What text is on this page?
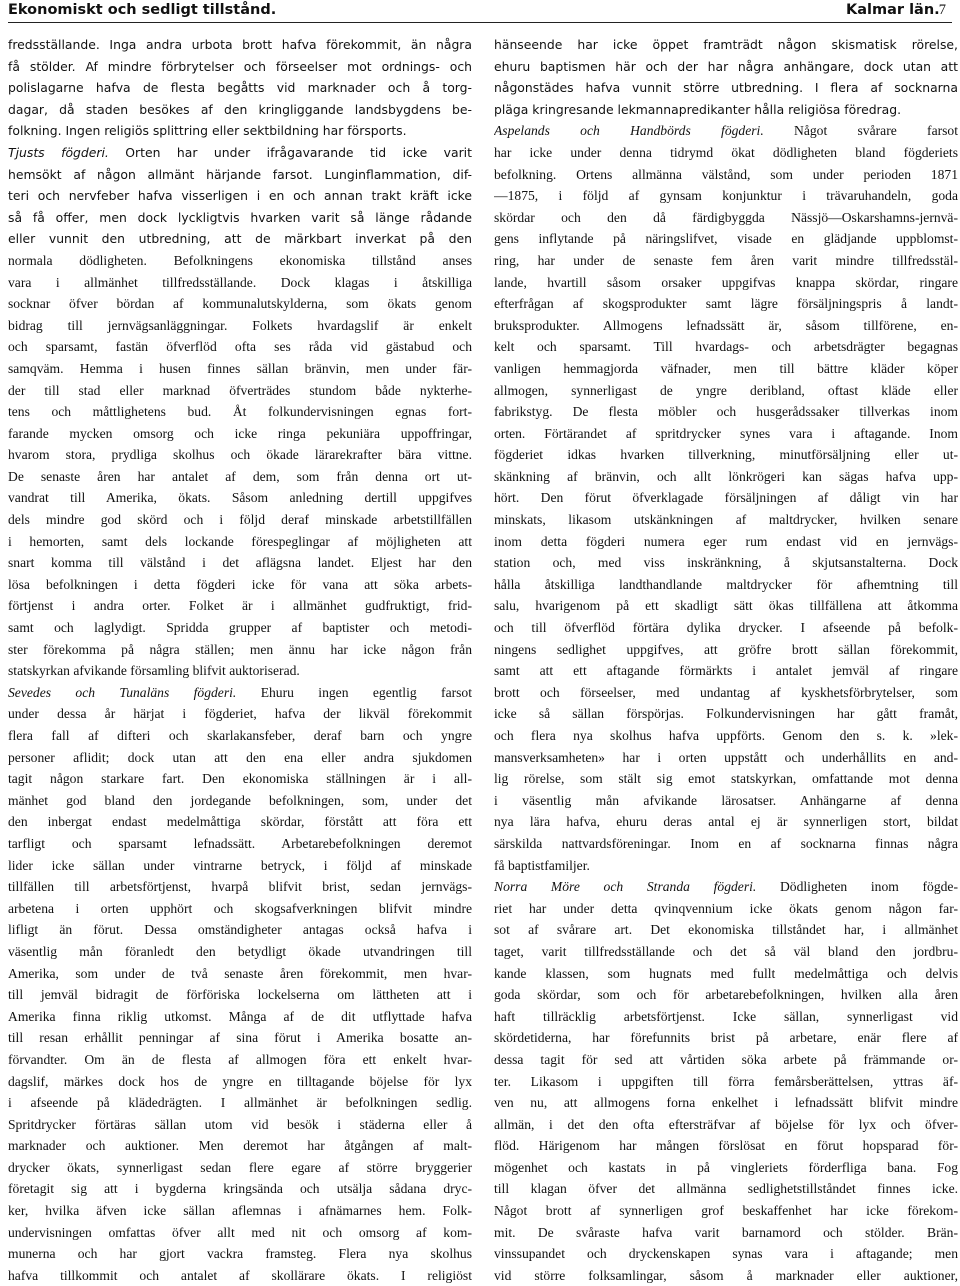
Ekonomiskt och sedligt tillstånd.	Kalmar län. 7
fredsställande. Inga andra urbota brott hafva förekommit, än några
få stölder. Af mindre förbrytelser och förseelser mot ordnings- och
polislagarne hafva de flesta begåtts vid marknader och å torg-
dagar, då staden besökes af den kringliggande landsbygdens be-
folkning. Ingen religiös splittring eller sektbildning har försports.
Tjusts fögderi. Orten har under ifrågavarande tid icke varit
hemsökt af någon allmänt härjande farsot. Lunginflammation, dif-
teri och nervfeber hafva visserligen i en och annan trakt kräft icke
så få offer, men dock lyckligtvis hvarken varit så länge rådande
eller vunnit den utbredning, att de märkbart inverkat på den
normala dödligheten. Befolkningens ekonomiska tillstånd anses
vara i allmänhet tillfredsställande. Dock klagas i åtskilliga
socknar öfver bördan af kommunalutskylderna, som ökats genom
bidrag till jernvägsanläggningar. Folkets hvardagslif är enkelt
och sparsamt, fastän öfverflöd ofta ses råda vid gästabud och
samqväm. Hemma i husen finnes sällan bränvin, men under fär-
der till stad eller marknad öfverträdes stundom både nykterhe-
tens och måttlighetens bud. Åt folkundervisningen egnas fort-
farande mycken omsorg och icke ringa pekuniära uppoffringar,
hvarom stora, prydliga skolhus och ökade lärarekrafter bära vittne.
De senaste åren har antalet af dem, som från denna ort ut-
vandrat till Amerika, ökats. Såsom anledning dertill uppgifves
dels mindre god skörd och i följd deraf minskade arbetstillfällen
i hemorten, samt dels lockande förespeglingar af möjligheten att
snart komma till välstånd i det aflägsna landet. Eljest har den
lösa befolkningen i detta fögderi icke för vana att söka arbets-
förtjenst i andra orter. Folket är i allmänhet gudfruktigt, frid-
samt och laglydigt. Spridda grupper af baptister och metodi-
ster förekomma på några ställen; men ännu har icke någon från
statskyrkan afvikande församling blifvit auktoriserad.
Sevedes och Tunaläns fögderi. Ehuru ingen egentlig farsot
under dessa år härjat i fögderiet, hafva der likväl förekommit
flera fall af difteri och skarlakansfeber, deraf barn och yngre
personer aflidit; dock utan att den ena eller andra sjukdomen
tagit någon starkare fart. Den ekonomiska ställningen är i all-
mänhet god bland den jordegande befolkningen, som, under det
den inbergat endast medelmåttiga skördar, förstått att föra ett
tarfligt och sparsamt lefnadssätt. Arbetarebefolkningen deremot
lider icke sällan under vintrarne betryck, i följd af minskade
tillfällen till arbetsförtjenst, hvarpå blifvit brist, sedan jernvägs-
arbetena i orten upphört och skogsafverkningen blifvit mindre
lifligt än förut. Dessa omständigheter antagas också hafva i
väsentlig mån föranledt den betydligt ökade utvandringen till
Amerika, som under de två senaste åren förekommit, men hvar-
till jemväl bidragit de förföriska lockelserna om lättheten att i
Amerika finna riklig utkomst. Många af de dit utflyttade hafva
till resan erhållit penningar af sina förut i Amerika bosatte an-
förvandter. Om än de flesta af allmogen föra ett enkelt hvar-
dagslif, märkes dock hos de yngre en tilltagande böjelse för lyx
i afseende på klädedrägten. I allmänhet är befolkningen sedlig.
Spritdrycker förtäras sällan utom vid besök i städerna eller å
marknader och auktioner. Men deremot har åtgången af malt-
drycker ökats, synnerligast sedan flere egare af större bryggerier
företagit sig att i bygderna kringsända och utsälja sådana dryc-
ker, hvilka äfven icke sällan aflemnas i afnämarnes hem. Folk-
undervisningen omfattas öfver allt med nit och omsorg af kom-
munerna och har gjort vackra framsteg. Flera nya skolhus
hafva tillkommit och antalet af skollärare ökats. I religiöst
hänseende har icke öppet framträdt någon skismatisk rörelse,
ehuru baptismen här och der har några anhängare, dock utan att
någonstädes hafva vunnit större utbredning. I flera af socknarna
pläga kringresande lekmannapredikanter hålla religiösa föredrag.
Aspelands och Handbörds fögderi. Något svårare farsot
har icke under denna tidrymd ökat dödligheten bland fögderiets
befolkning. Ortens allmänna välstånd, som under perioden 1871
—1875, i följd af gynsam konjunktur i trävaruhandeln, goda
skördar och den då färdigbyggda Nässjö—Oskarshamns-jernvä-
gens inflytande på näringslifvet, visade en glädjande uppblomst-
ring, har under de senaste fem åren varit mindre tillfredsstäl-
lande, hvartill såsom orsaker uppgifvas knappa skördar, ringare
efterfrågan af skogsprodukter samt lägre försäljningspris å landt-
bruksprodukter. Allmogens lefnadssätt är, såsom tillförene, en-
kelt och sparsamt. Till hvardags- och arbetsdrägter begagnas
vanligen hemmagjorda väfnader, men till bättre kläder köper
allmogen, synnerligast de yngre deribland, oftast kläde eller
fabrikstyg. De flesta möbler och husgerådssaker tillverkas inom
orten. Förtärandet af spritdrycker synes vara i aftagande. Inom
fögderiet idkas hvarken tillverkning, minutförsäljning eller ut-
skänkning af bränvin, och allt lönkrögeri kan sägas hafva upp-
hört. Den förut öfverklagade försäljningen af dåligt vin har
minskats, likasom utskänkningen af maltdrycker, hvilken senare
inom detta fögderi numera eger rum endast vid en jernvägs-
station och, med viss inskränkning, å skjutsanstalterna. Dock
hålla åtskilliga landthandlande maltdrycker för afhemtning till
salu, hvarigenom på ett skadligt sätt ökas tillfällena att åtkomma
och till öfverflöd förtära dylika drycker. I afseende på befolk-
ningens sedlighet uppgifves, att gröfre brott sällan förekommit,
samt att ett aftagande förmärkts i antalet jemväl af ringare
brott och förseelser, med undantag af kyskhetsförbrytelser, som
icke så sällan förspörjas. Folkundervisningen har gått framåt,
och flera nya skolhus hafva uppförts. Genom den s. k. »lek-
mansverksamheten» har i orten uppstått och underhållits en and-
lig rörelse, som stält sig emot statskyrkan, omfattande mot denna
i väsentlig mån afvikande lärosatser. Anhängarne af denna
nya lära hafva, ehuru deras antal ej är synnerligen stort, bildat
särskilda nattvardsföreningar. Inom en af socknarna finnas några
få baptistfamiljer.
Norra Möre och Stranda fögderi. Dödligheten inom fögde-
riet har under detta qvinqvennium icke ökats genom någon far-
sot af svårare art. Det ekonomiska tillståndet har, i allmänhet
taget, varit tillfredsställande och det så väl bland den jordbru-
kande klassen, som hugnats med fullt medelmåttiga och delvis
goda skördar, som och för arbetarebefolkningen, hvilken alla åren
haft tillräcklig arbetsförtjenst. Icke sällan, synnerligast vid
skördetiderna, har förefunnits brist på arbetare, enär flere af
dessa tagit för sed att vårtiden söka arbete på främmande or-
ter. Likasom i uppgiften till förra femårsberättelsen, yttras äf-
ven nu, att allmogens forna enkelhet i lefnadssätt blifvit mindre
allmän, i det den ofta eftersträfvar af böjelse för lyx och öfver-
flöd. Härigenom har mången förslösat en förut hopsparad för-
mögenhet och kastats in på vingleriets förderfliga bana. Fog
till klagan öfver det allmänna sedlighetstillståndet finnes icke.
Något brott af synnerligen grof beskaffenhet har icke förekom-
mit. De svåraste hafva varit barnamord och stölder. Brän-
vinssupandet och dryckenskapen synas vara i aftagande; men
vid större folksamlingar, såsom å marknader eller auktioner,
